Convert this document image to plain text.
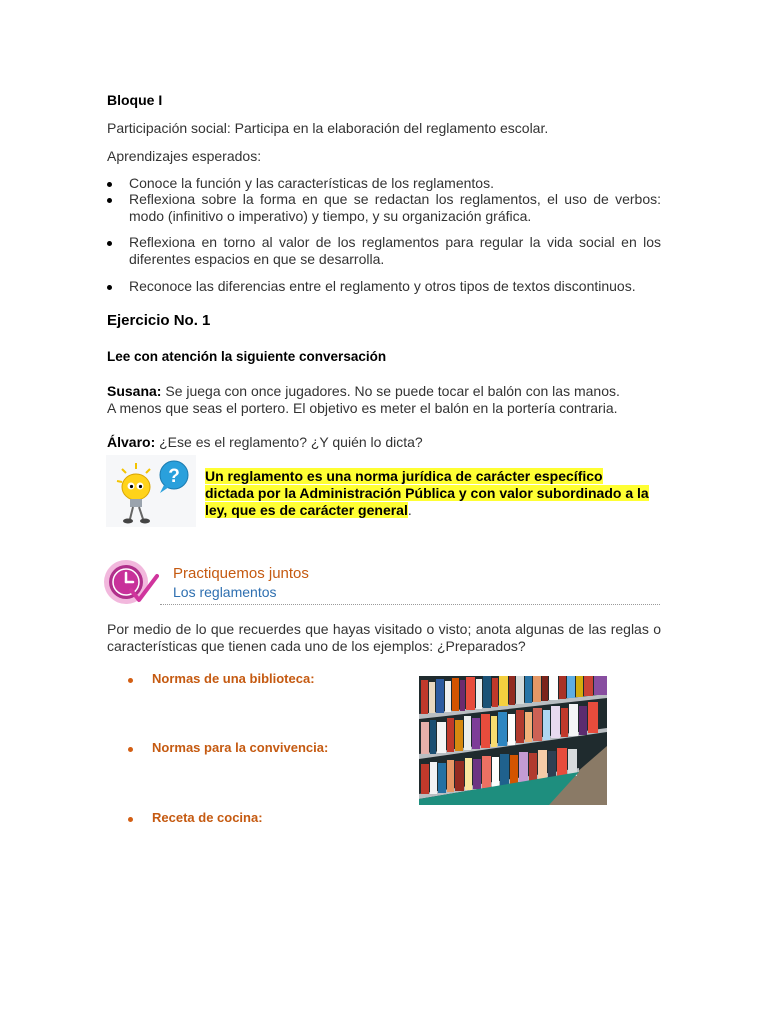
Bloque I
Participación social: Participa en la elaboración del reglamento escolar.
Aprendizajes esperados:
Conoce la función y las características de los reglamentos.
Reflexiona sobre la forma en que se redactan los reglamentos, el uso de verbos: modo (infinitivo o imperativo) y tiempo, y su organización gráfica.
Reflexiona en torno al valor de los reglamentos para regular la vida social en los diferentes espacios en que se desarrolla.
Reconoce las diferencias entre el reglamento y otros tipos de textos discontinuos.
Ejercicio No. 1
Lee con atención la siguiente conversación
Susana: Se juega con once jugadores. No se puede tocar el balón con las manos. A menos que seas el portero. El objetivo es meter el balón en la portería contraria.
Álvaro: ¿Ese es el reglamento? ¿Y quién lo dicta?
? Un reglamento es una norma jurídica de carácter específico dictada por la Administración Pública y con valor subordinado a la ley, que es de carácter general.
Practiquemos juntos
Los reglamentos
Por medio de lo que recuerdes que hayas visitado o visto; anota algunas de las reglas o características que tienen cada uno de los ejemplos: ¿Preparados?
Normas de una biblioteca:
Normas para la convivencia:
Receta de cocina:
